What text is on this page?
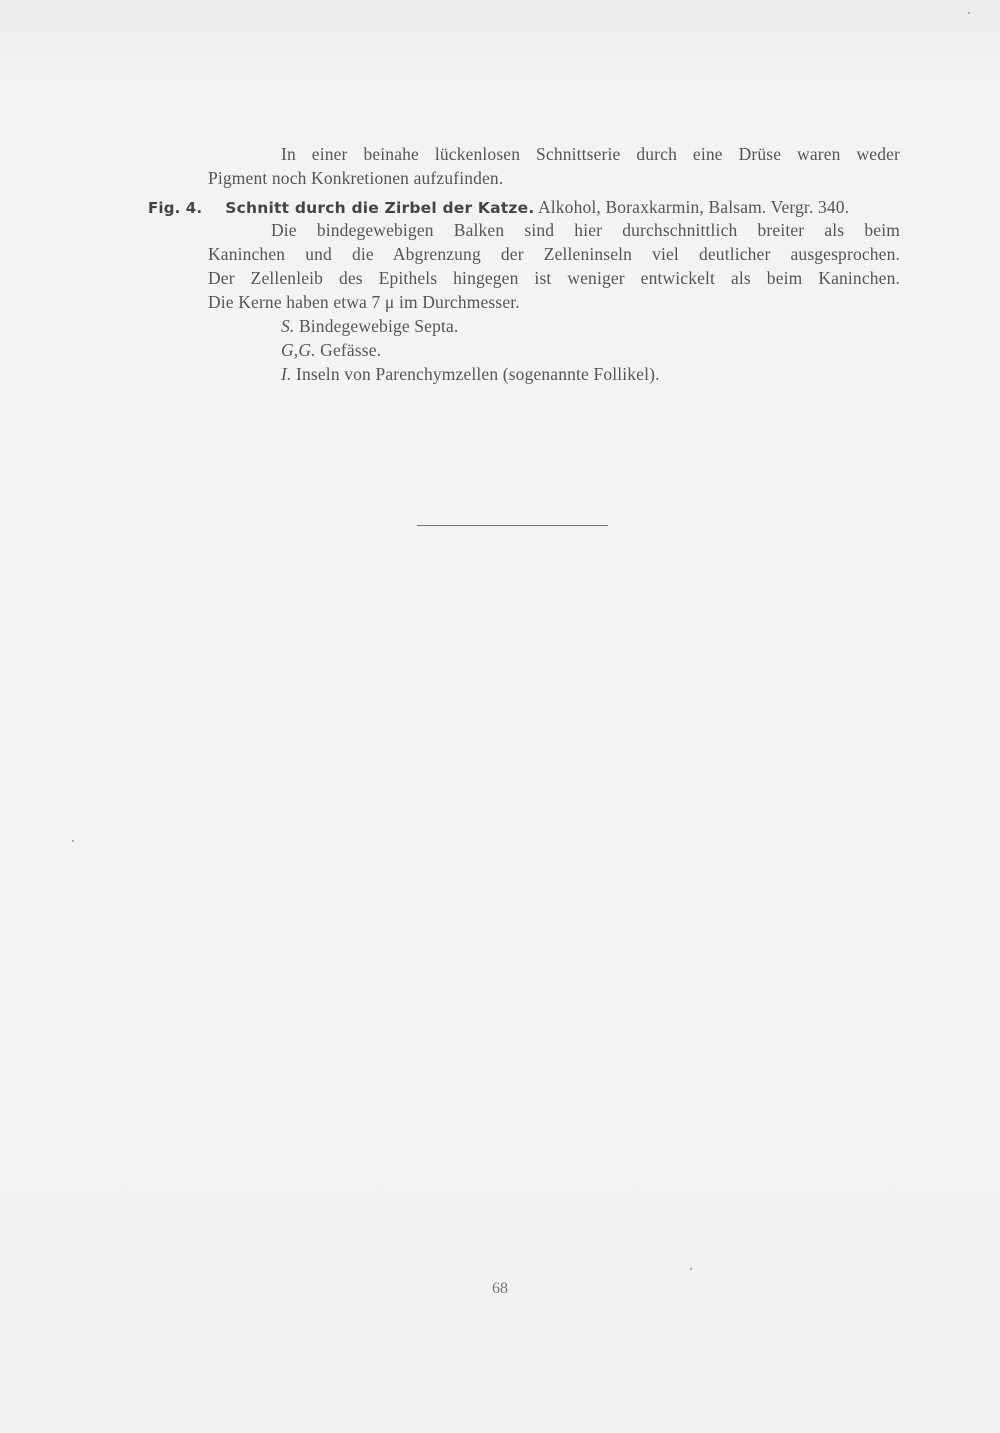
In einer beinahe lückenlosen Schnittserie durch eine Drüse waren weder
Pigment noch Konkretionen aufzufinden.
Fig. 4. Schnitt durch die Zirbel der Katze. Alkohol, Boraxkarmin, Balsam. Vergr. 340.
Die bindegewebigen Balken sind hier durchschnittlich breiter als beim
Kaninchen und die Abgrenzung der Zelleninseln viel deutlicher ausgesprochen.
Der Zellenleib des Epithels hingegen ist weniger entwickelt als beim Kaninchen.
Die Kerne haben etwa 7 μ im Durchmesser.
S. Bindegewebige Septa.
G,G. Gefässe.
I. Inseln von Parenchymzellen (sogenannte Follikel).
68
